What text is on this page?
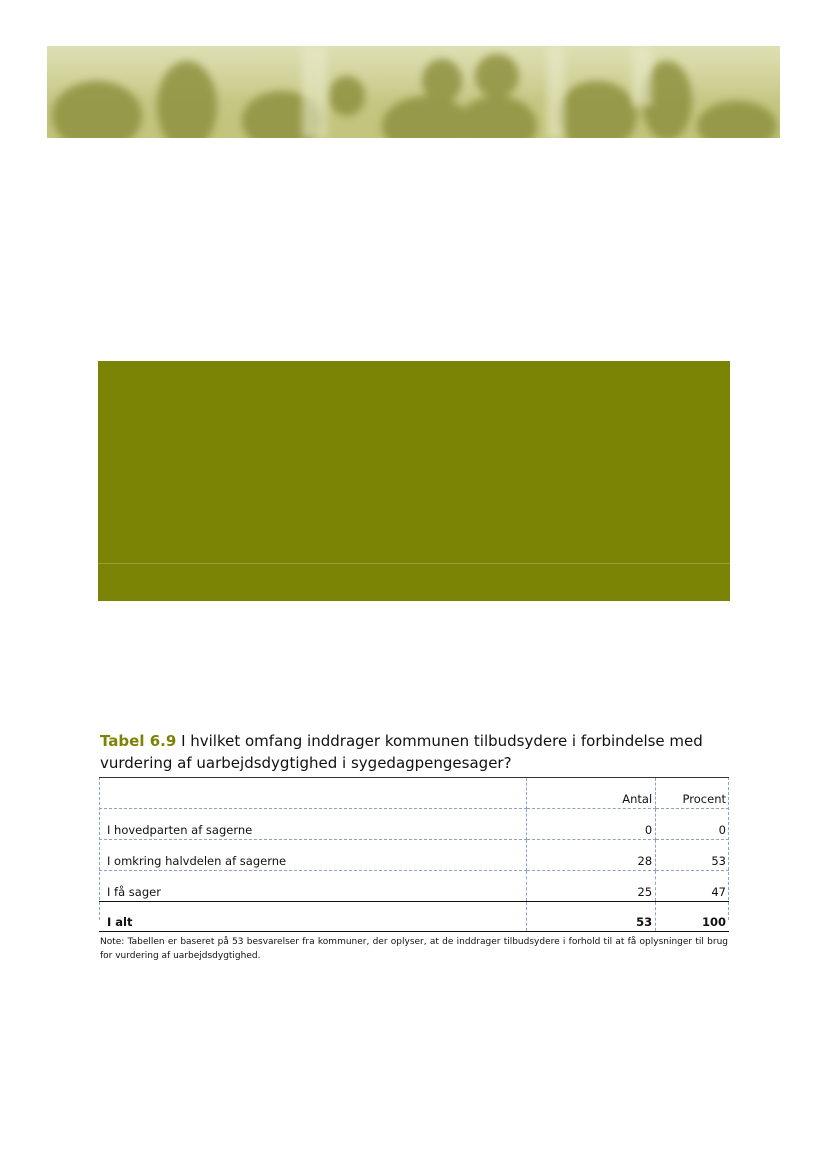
Tabel 6.9 I hvilket omfang inddrager kommunen tilbudsydere i forbindelse med vurdering af uarbejdsdygtighed i sygedagpengesager?
	Antal	Procent
I hovedparten af sagerne	0	0
I omkring halvdelen af sagerne	28	53
I få sager	25	47
I alt	53	100
Note: Tabellen er baseret på 53 besvarelser fra kommuner, der oplyser, at de inddrager tilbudsydere i forhold til at få oplysninger til brug for vurdering af uarbejdsdygtighed.
